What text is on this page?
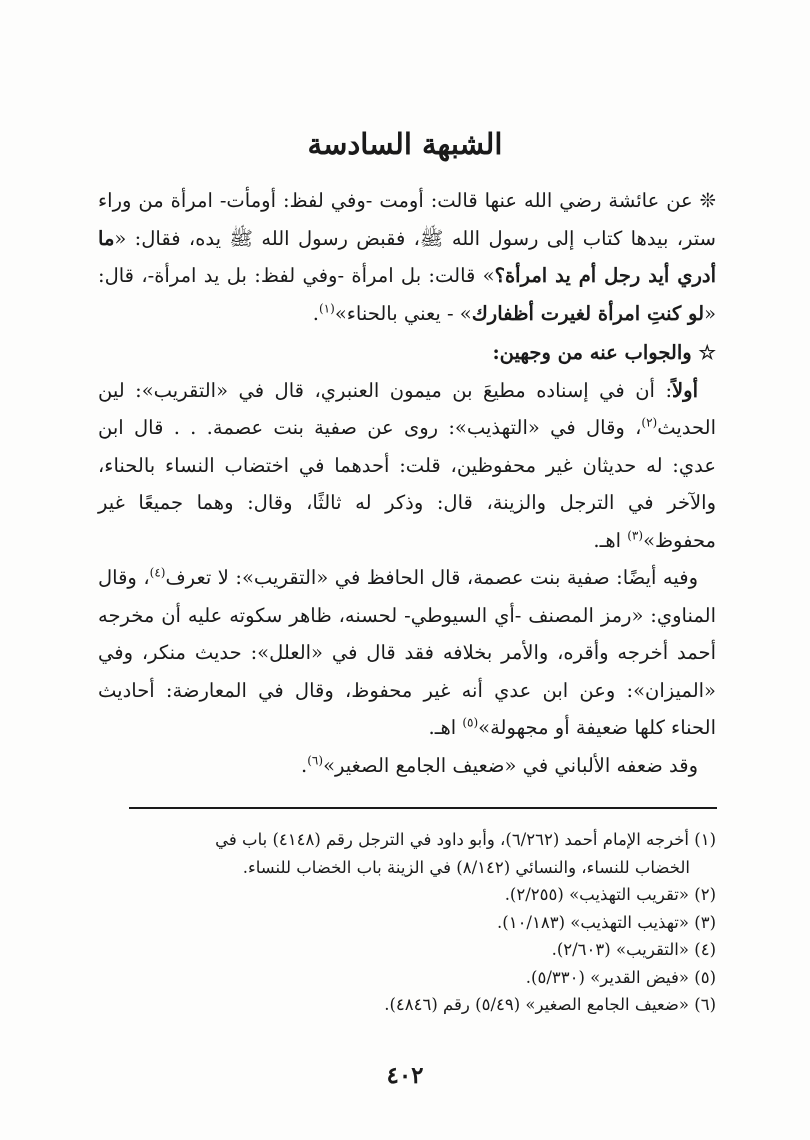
الشبهة السادسة

❊ عن عائشة رضي الله عنها قالت: أومت -وفي لفظ: أومأت- امرأة من وراء ستر، بيدها كتاب إلى رسول الله ﷺ، فقبض رسول الله ﷺ يده، فقال: «ما أدري أيد رجل أم يد امرأة؟» قالت: بل امرأة -وفي لفظ: بل يد امرأة-، قال: «لو كنتِ امرأة لغيرت أظفارك» - يعني بالحناء»$^{(١)}$.

☆ والجواب عنه من وجهين:

أولاً: أن في إسناده مطيعَ بن ميمون العنبري، قال في «التقريب»: لين الحديث$^{(٢)}$، وقال في «التهذيب»: روى عن صفية بنت عصمة. . . قال ابن عدي: له حديثان غير محفوظين، قلت: أحدهما في اختضاب النساء بالحناء، والآخر في الترجل والزينة، قال: وذكر له ثالثًا، وقال: وهما جميعًا غير محفوظ»$^{(٣)}$ اهـ.

وفيه أيضًا: صفية بنت عصمة، قال الحافظ في «التقريب»: لا تعرف$^{(٤)}$، وقال المناوي: «رمز المصنف -أي السيوطي- لحسنه، ظاهر سكوته عليه أن مخرجه أحمد أخرجه وأقره، والأمر بخلافه فقد قال في «العلل»: حديث منكر، وفي «الميزان»: وعن ابن عدي أنه غير محفوظ، وقال في المعارضة: أحاديث الحناء كلها ضعيفة أو مجهولة»$^{(٥)}$ اهـ.

وقد ضعفه الألباني في «ضعيف الجامع الصغير»$^{(٦)}$.

(١) أخرجه الإمام أحمد (٦/٢٦٢)، وأبو داود في الترجل رقم (٤١٤٨) باب في

الخضاب للنساء، والنسائي (٨/١٤٢) في الزينة باب الخضاب للنساء.

(٢) «تقريب التهذيب» (٢/٢٥٥).

(٣) «تهذيب التهذيب» (١٠/١٨٣).

(٤) «التقريب» (٢/٦٠٣).

(٥) «فيض القدير» (٥/٣٣٠).

(٦) «ضعيف الجامع الصغير» (٥/٤٩) رقم (٤٨٤٦).

٤٠٢
